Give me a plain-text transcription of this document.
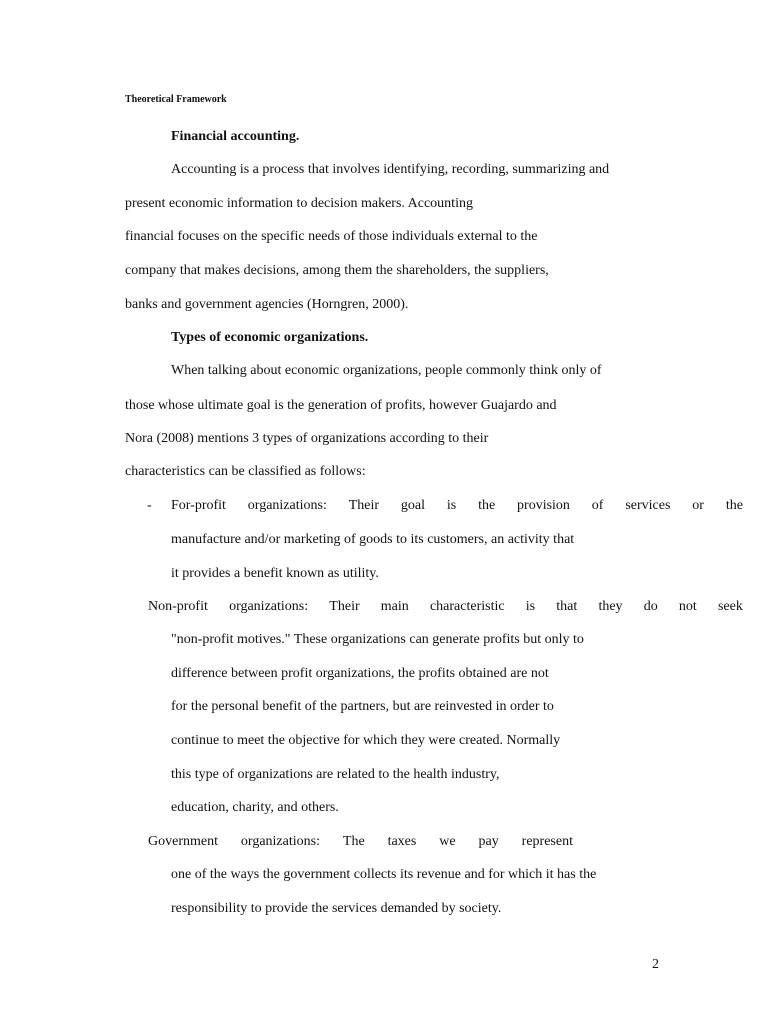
Theoretical Framework
Financial accounting.
Accounting is a process that involves identifying, recording, summarizing and
present economic information to decision makers. Accounting
financial focuses on the specific needs of those individuals external to the
company that makes decisions, among them the shareholders, the suppliers,
banks and government agencies (Horngren, 2000).
Types of economic organizations.
When talking about economic organizations, people commonly think only of
those whose ultimate goal is the generation of profits, however Guajardo and
Nora (2008) mentions 3 types of organizations according to their
characteristics can be classified as follows:
- For-profit organizations: Their goal is the provision of services or the
manufacture and/or marketing of goods to its customers, an activity that
it provides a benefit known as utility.
Non-profit organizations: Their main characteristic is that they do not seek
"non-profit motives." These organizations can generate profits but only to
difference between profit organizations, the profits obtained are not
for the personal benefit of the partners, but are reinvested in order to
continue to meet the objective for which they were created. Normally
this type of organizations are related to the health industry,
education, charity, and others.
Government organizations: The taxes we pay represent
one of the ways the government collects its revenue and for which it has the
responsibility to provide the services demanded by society.
2
